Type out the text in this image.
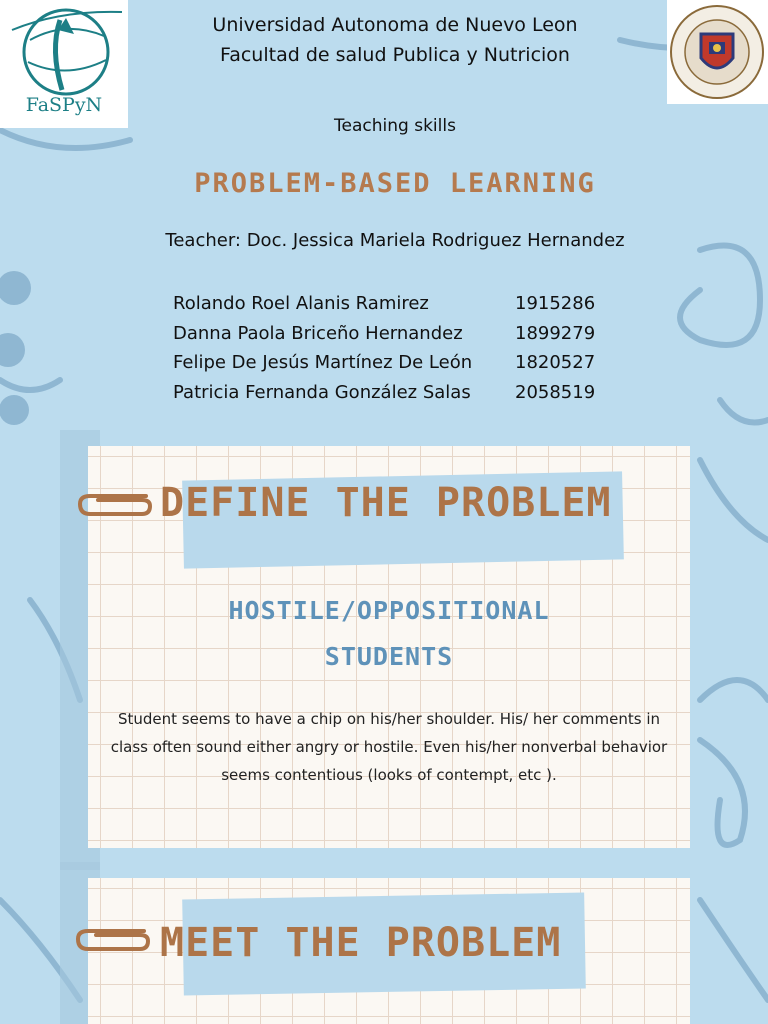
FaSPyN
Universidad Autonoma de Nuevo Leon
Facultad de salud Publica y Nutricion
Teaching skills
PROBLEM-BASED LEARNING
Teacher: Doc. Jessica Mariela Rodriguez Hernandez
Rolando Roel Alanis Ramirez	1915286
Danna Paola Briceño Hernandez	1899279
Felipe De Jesús Martínez De León	1820527
Patricia Fernanda González Salas	2058519
DEFINE THE PROBLEM
HOSTILE/OPPOSITIONAL
STUDENTS
Student seems to have a chip on his/her shoulder. His/ her comments in class often sound either angry or hostile. Even his/her nonverbal behavior seems contentious (looks of contempt, etc ).
MEET THE PROBLEM
